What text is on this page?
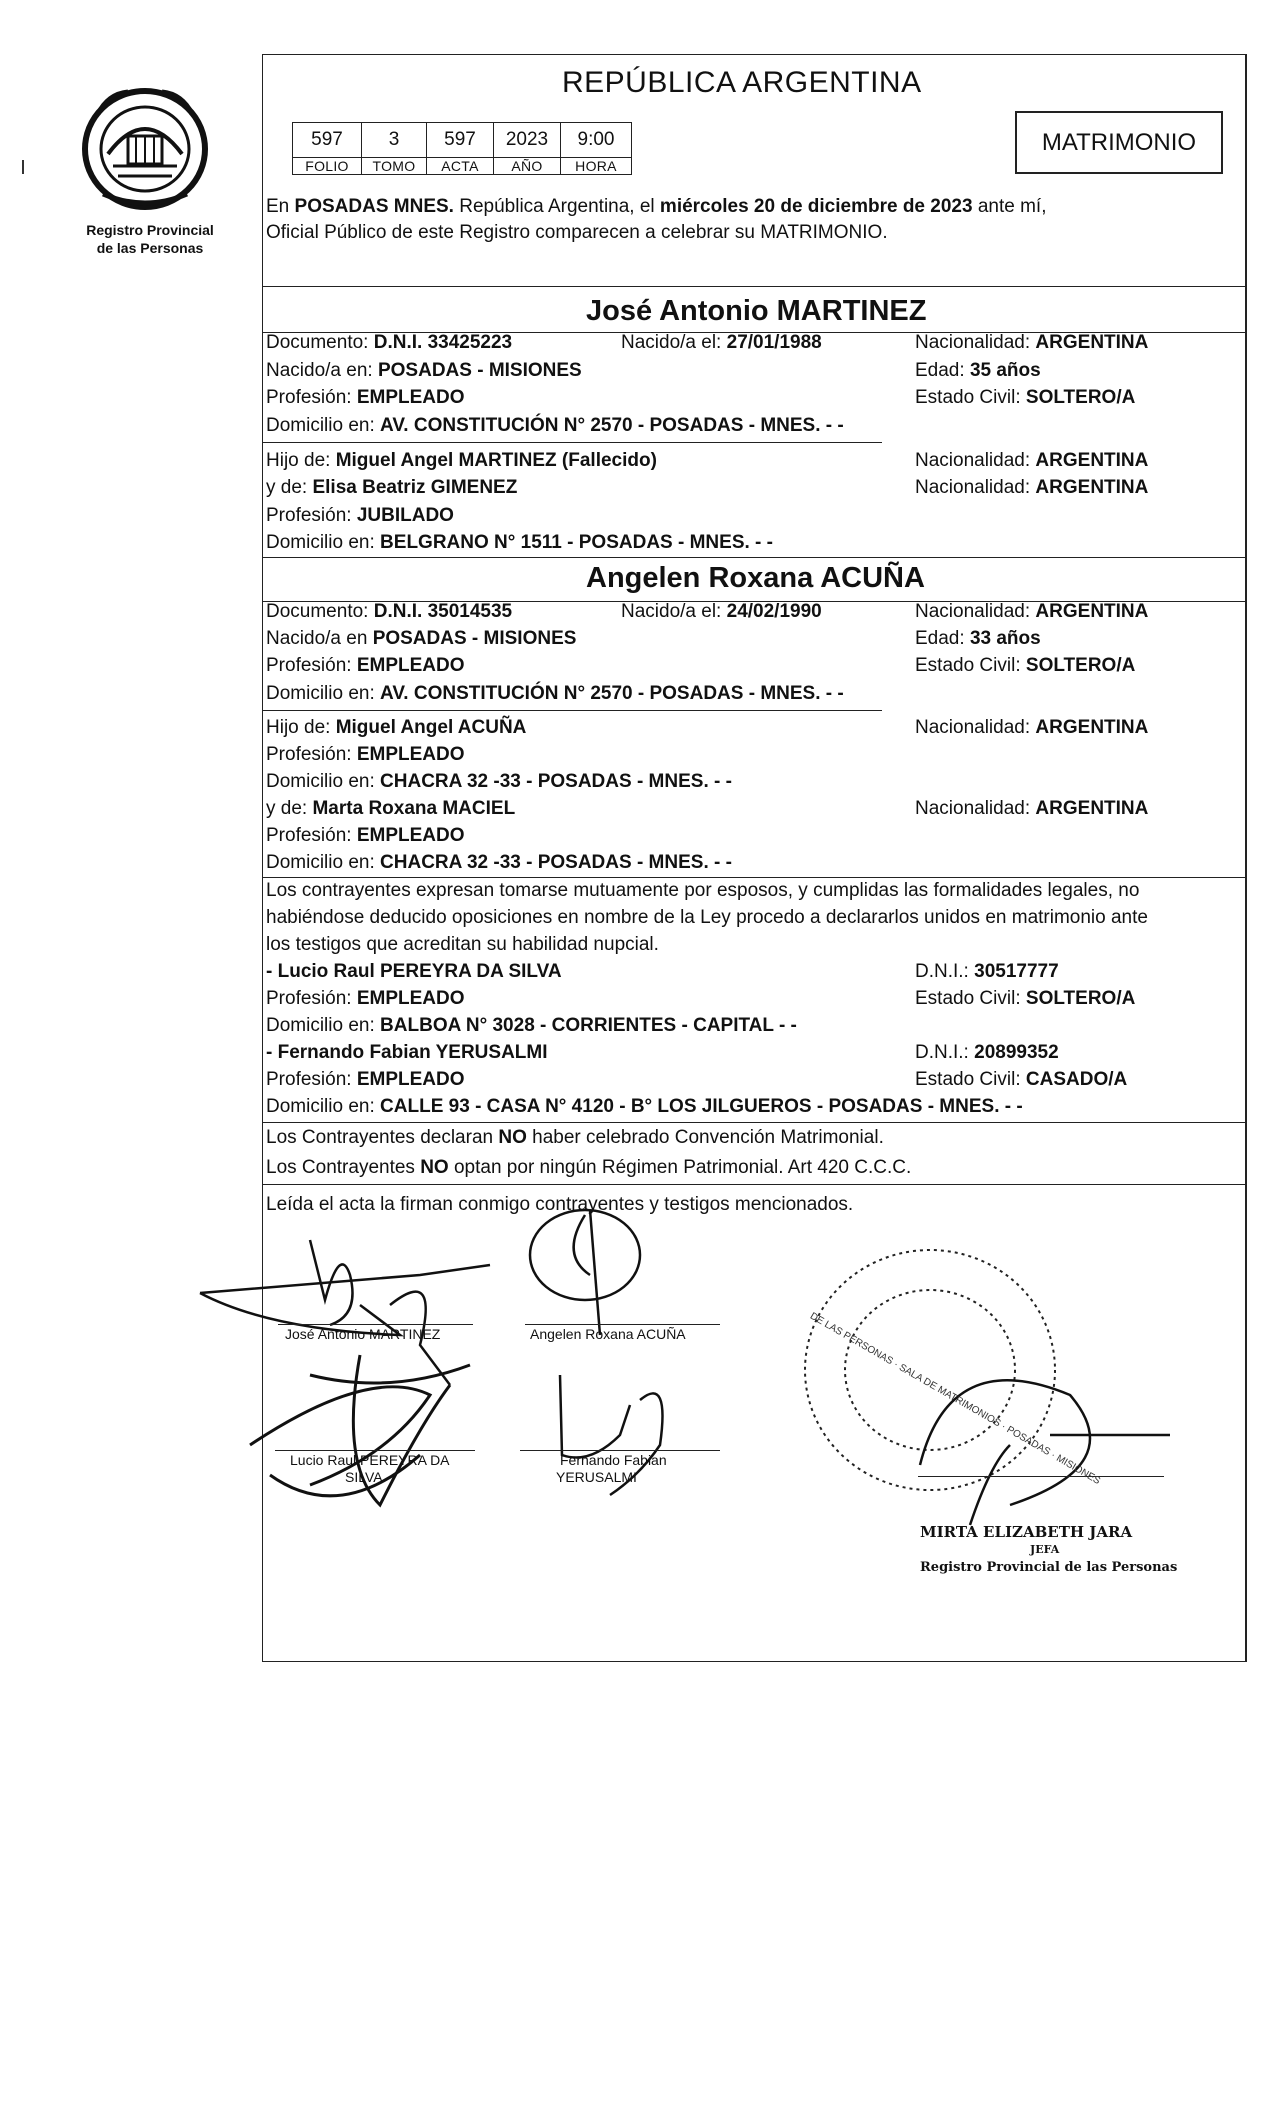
Registro Provincial
de las Personas
REPÚBLICA ARGENTINA
597	3	597	2023	9:00
FOLIO	TOMO	ACTA	AÑO	HORA
MATRIMONIO
En POSADAS MNES. República Argentina, el miércoles 20 de diciembre de 2023 ante mí,
Oficial Público de este Registro comparecen a celebrar su MATRIMONIO.
José Antonio MARTINEZ
Documento: D.N.I. 33425223	Nacido/a el: 27/01/1988	Nacionalidad: ARGENTINA
Nacido/a en: POSADAS - MISIONES	Edad: 35 años
Profesión: EMPLEADO	Estado Civil: SOLTERO/A
Domicilio en: AV. CONSTITUCIÓN N° 2570 - POSADAS - MNES. - -
Hijo de: Miguel Angel MARTINEZ (Fallecido)	Nacionalidad: ARGENTINA
y de: Elisa Beatriz GIMENEZ	Nacionalidad: ARGENTINA
Profesión: JUBILADO
Domicilio en: BELGRANO N° 1511 - POSADAS - MNES. - -
Angelen Roxana ACUÑA
Documento: D.N.I. 35014535	Nacido/a el: 24/02/1990	Nacionalidad: ARGENTINA
Nacido/a en POSADAS - MISIONES	Edad: 33 años
Profesión: EMPLEADO	Estado Civil: SOLTERO/A
Domicilio en: AV. CONSTITUCIÓN N° 2570 - POSADAS - MNES. - -
Hijo de: Miguel Angel ACUÑA	Nacionalidad: ARGENTINA
Profesión: EMPLEADO
Domicilio en: CHACRA 32 -33 - POSADAS - MNES. - -
y de: Marta Roxana MACIEL	Nacionalidad: ARGENTINA
Profesión: EMPLEADO
Domicilio en: CHACRA 32 -33 - POSADAS - MNES. - -
Los contrayentes expresan tomarse mutuamente por esposos, y cumplidas las formalidades legales, no
habiéndose deducido oposiciones en nombre de la Ley procedo a declararlos unidos en matrimonio ante
los testigos que acreditan su habilidad nupcial.
- Lucio Raul PEREYRA DA SILVA	D.N.I.: 30517777
Profesión: EMPLEADO	Estado Civil: SOLTERO/A
Domicilio en: BALBOA N° 3028 - CORRIENTES - CAPITAL - -
- Fernando Fabian YERUSALMI	D.N.I.: 20899352
Profesión: EMPLEADO	Estado Civil: CASADO/A
Domicilio en: CALLE 93 - CASA N° 4120 - B° LOS JILGUEROS - POSADAS - MNES. - -
Los Contrayentes declaran NO haber celebrado Convención Matrimonial.
Los Contrayentes NO optan por ningún Régimen Patrimonial. Art 420 C.C.C.
Leída el acta la firman conmigo contrayentes y testigos mencionados.
José Antonio MARTINEZ	Angelen Roxana ACUÑA
Lucio Raul PEREYRA DA
SILVA
Fernando Fabian
YERUSALMI
MIRTA ELIZABETH JARA
JEFA
Registro Provincial de las Personas
DE LAS PERSONAS · SALA DE MATRIMONIOS · POSADAS · MISIONES
